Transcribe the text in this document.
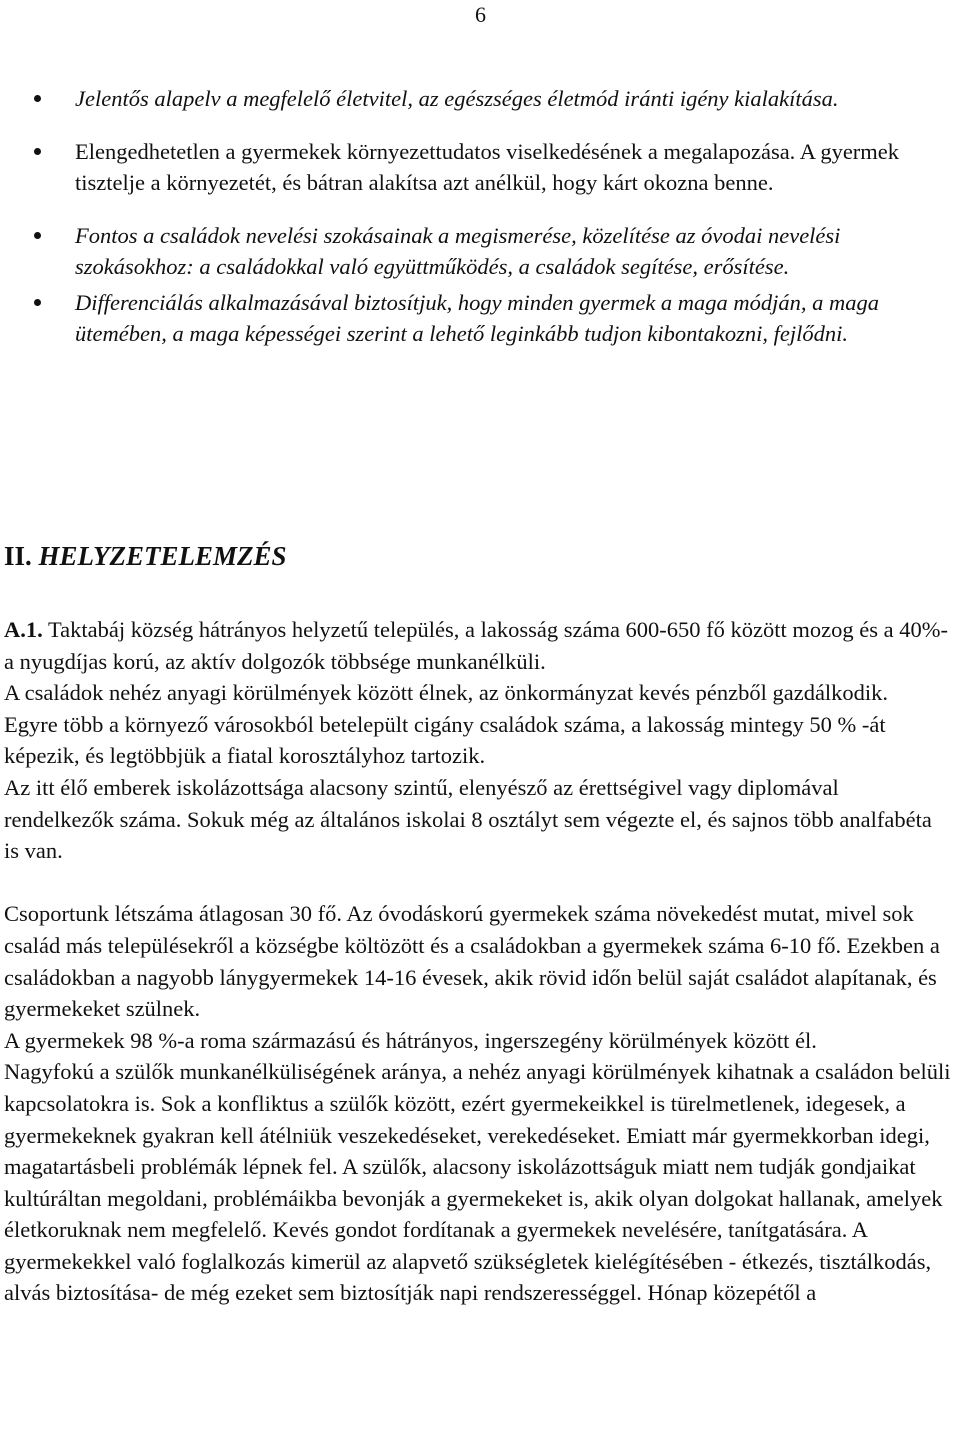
6
Jelentős alapelv a megfelelő életvitel, az egészséges életmód iránti igény kialakítása.
Elengedhetetlen a gyermekek környezettudatos viselkedésének a megalapozása. A gyermek tisztelje a környezetét, és bátran alakítsa azt anélkül, hogy kárt okozna benne.
Fontos a családok nevelési szokásainak a megismerése, közelítése az óvodai nevelési szokásokhoz: a családokkal való együttműködés, a családok segítése, erősítése.
Differenciálás alkalmazásával biztosítjuk, hogy minden gyermek a maga módján, a maga ütemében, a maga képességei szerint a lehető leginkább tudjon kibontakozni, fejlődni.
II. HELYZETELEMZÉS

A.1. Taktabáj község hátrányos helyzetű település, a lakosság száma 600-650 fő között mozog és a 40%-a nyugdíjas korú, az aktív dolgozók többsége munkanélküli.

A családok nehéz anyagi körülmények között élnek, az önkormányzat kevés pénzből gazdálkodik.

Egyre több a környező városokból betelepült cigány családok száma, a lakosság mintegy 50 % -át képezik, és legtöbbjük a fiatal korosztályhoz tartozik.

Az itt élő emberek iskolázottsága alacsony szintű, elenyésző az érettségivel vagy diplomával rendelkezők száma. Sokuk még az általános iskolai 8 osztályt sem végezte el, és sajnos több analfabéta is van.

Csoportunk létszáma átlagosan 30 fő. Az óvodáskorú gyermekek száma növekedést mutat, mivel sok család más településekről a községbe költözött és a családokban a gyermekek száma 6-10 fő. Ezekben a családokban a nagyobb lánygyermekek 14-16 évesek, akik rövid időn belül saját családot alapítanak, és gyermekeket szülnek.

A gyermekek 98 %-a roma származású és hátrányos, ingerszegény körülmények között él.

Nagyfokú a szülők munkanélküliségének aránya, a nehéz anyagi körülmények kihatnak a családon belüli kapcsolatokra is. Sok a konfliktus a szülők között, ezért gyermekeikkel is türelmetlenek, idegesek, a gyermekeknek gyakran kell átélniük veszekedéseket, verekedéseket. Emiatt már gyermekkorban idegi, magatartásbeli problémák lépnek fel. A szülők, alacsony iskolázottságuk miatt nem tudják gondjaikat kultúráltan megoldani, problémáikba bevonják a gyermekeket is, akik olyan dolgokat hallanak, amelyek életkoruknak nem megfelelő. Kevés gondot fordítanak a gyermekek nevelésére, tanítgatására. A gyermekekkel való foglalkozás kimerül az alapvető szükségletek kielégítésében - étkezés, tisztálkodás, alvás biztosítása- de még ezeket sem biztosítják napi rendszerességgel. Hónap közepétől a
